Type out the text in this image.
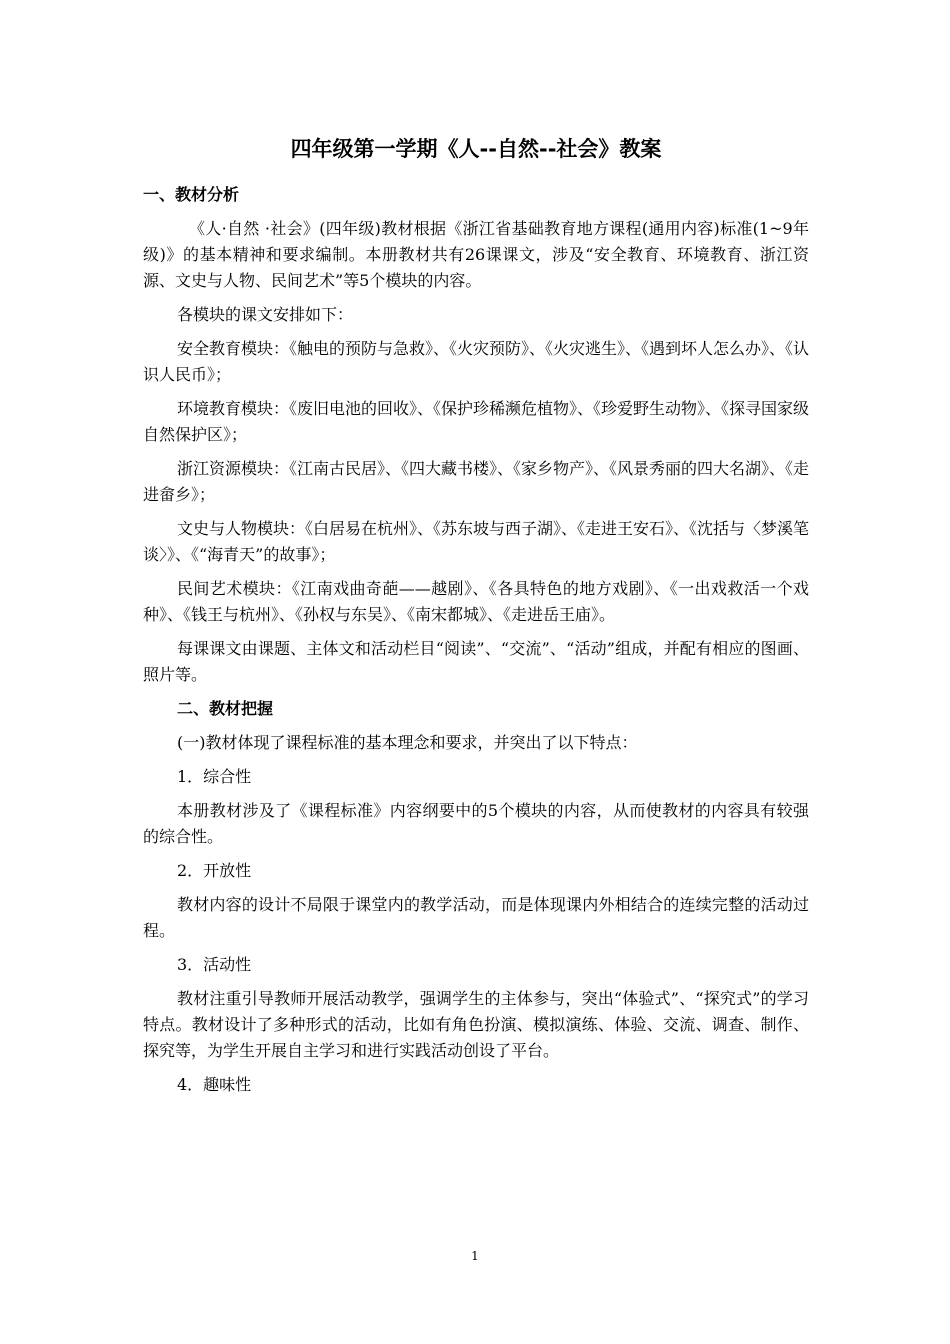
四年级第一学期《人--自然--社会》教案
一、教材分析

《人·自然 ·社会》(四年级)教材根据《浙江省基础教育地方课程(通用内容)标准(1~9年级)》的基本精神和要求编制。本册教材共有26课课文，涉及“安全教育、环境教育、浙江资源、文史与人物、民间艺术”等5个模块的内容。

各模块的课文安排如下：

安全教育模块：《触电的预防与急救》、《火灾预防》、《火灾逃生》、《遇到坏人怎么办》、《认识人民币》；

环境教育模块：《废旧电池的回收》、《保护珍稀濒危植物》、《珍爱野生动物》、《探寻国家级自然保护区》；

浙江资源模块：《江南古民居》、《四大藏书楼》、《家乡物产》、《风景秀丽的四大名湖》、《走进畲乡》；

文史与人物模块：《白居易在杭州》、《苏东坡与西子湖》、《走进王安石》、《沈括与〈梦溪笔谈〉》、《“海青天”的故事》；

民间艺术模块：《江南戏曲奇葩——越剧》、《各具特色的地方戏剧》、《一出戏救活一个戏种》、《钱王与杭州》、《孙权与东吴》、《南宋都城》、《走进岳王庙》。

每课课文由课题、主体文和活动栏目“阅读”、“交流”、“活动”组成，并配有相应的图画、照片等。

二、教材把握

(一)教材体现了课程标准的基本理念和要求，并突出了以下特点：

1．综合性

本册教材涉及了《课程标准》内容纲要中的5个模块的内容，从而使教材的内容具有较强的综合性。

2．开放性

教材内容的设计不局限于课堂内的教学活动，而是体现课内外相结合的连续完整的活动过程。

3．活动性

教材注重引导教师开展活动教学，强调学生的主体参与，突出“体验式”、“探究式”的学习特点。教材设计了多种形式的活动，比如有角色扮演、模拟演练、体验、交流、调查、制作、探究等，为学生开展自主学习和进行实践活动创设了平台。

4．趣味性

1
